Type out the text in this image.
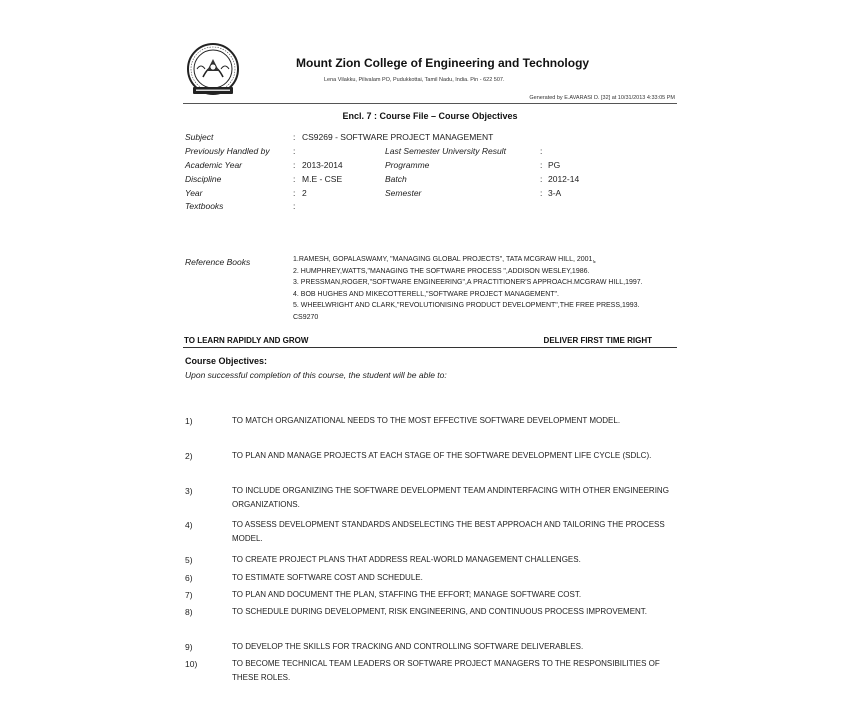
Mount Zion College of Engineering and Technology
Lena Vilakku, Pilivalam PO, Pudukkottai, Tamil Nadu, India. Pin - 622 507.
Generated by E.AVARASI D. [32] at 10/31/2013 4:33:05 PM
Encl. 7 : Course File – Course Objectives
Subject	: CS9269 - SOFTWARE PROJECT MANAGEMENT
Previously Handled by	:	Last Semester University Result	:
Academic Year	: 2013-2014	Programme	: PG
Discipline	: M.E - CSE	Batch	: 2012-14
Year	: 2	Semester	: 3-A
Textbooks	:
Reference Books	1.RAMESH, GOPALASWAMY, "MANAGING GLOBAL PROJECTS", TATA MCGRAW HILL, 2001.̳
2. HUMPHREY,WATTS,"MANAGING THE SOFTWARE PROCESS ",ADDISON WESLEY,1986.
3. PRESSMAN,ROGER,"SOFTWARE ENGINEERING",A PRACTITIONER'S APPROACH.MCGRAW HILL,1997.
4. BOB HUGHES AND MIKECOTTERELL,"SOFTWARE PROJECT MANAGEMENT".
5. WHEELWRIGHT AND CLARK,"REVOLUTIONISING PRODUCT DEVELOPMENT",THE FREE PRESS,1993.
CS9270
TO LEARN RAPIDLY AND GROW	DELIVER FIRST TIME RIGHT
Course Objectives:
Upon successful completion of this course, the student will be able to:
1)	TO MATCH ORGANIZATIONAL NEEDS TO THE MOST EFFECTIVE SOFTWARE DEVELOPMENT MODEL.
2)	TO PLAN AND MANAGE PROJECTS AT EACH STAGE OF THE SOFTWARE DEVELOPMENT LIFE CYCLE (SDLC).
3)	TO INCLUDE ORGANIZING THE SOFTWARE DEVELOPMENT TEAM ANDINTERFACING WITH OTHER ENGINEERING ORGANIZATIONS.
4)	TO ASSESS DEVELOPMENT STANDARDS ANDSELECTING THE BEST APPROACH AND TAILORING THE PROCESS MODEL.
5)	TO CREATE PROJECT PLANS THAT ADDRESS REAL-WORLD MANAGEMENT CHALLENGES.
6)	TO ESTIMATE SOFTWARE COST AND SCHEDULE.
7)	TO PLAN AND DOCUMENT THE PLAN, STAFFING THE EFFORT; MANAGE SOFTWARE COST.
8)	TO SCHEDULE DURING DEVELOPMENT, RISK ENGINEERING, AND CONTINUOUS PROCESS IMPROVEMENT.
9)	TO DEVELOP THE SKILLS FOR TRACKING AND CONTROLLING SOFTWARE DELIVERABLES.
10)	TO BECOME TECHNICAL TEAM LEADERS OR SOFTWARE PROJECT MANAGERS TO THE RESPONSIBILITIES OF THESE ROLES.
